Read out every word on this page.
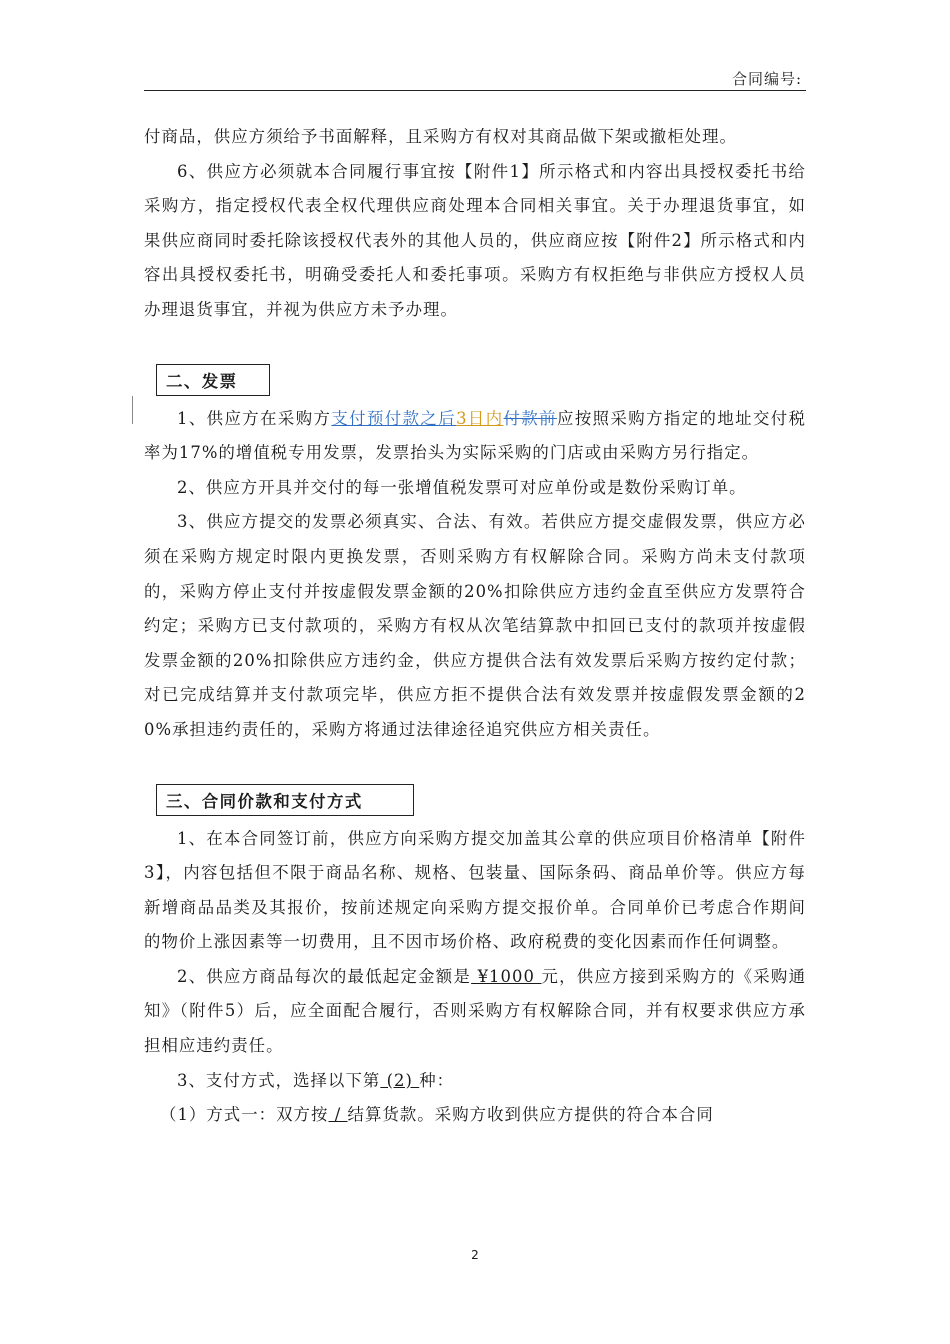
合同编号:

付商品，供应方须给予书面解释，且采购方有权对其商品做下架或撤柜处理。

6、供应方必须就本合同履行事宜按【附件1】所示格式和内容出具授权委托书给采购方，指定授权代表全权代理供应商处理本合同相关事宜。关于办理退货事宜，如果供应商同时委托除该授权代表外的其他人员的，供应商应按【附件2】所示格式和内容出具授权委托书，明确受委托人和委托事项。采购方有权拒绝与非供应方授权人员办理退货事宜，并视为供应方未予办理。

二、发票

1、供应方在采购方支付预付款之后3日内付款前应按照采购方指定的地址交付税率为17%的增值税专用发票，发票抬头为实际采购的门店或由采购方另行指定。

2、供应方开具并交付的每一张增值税发票可对应单份或是数份采购订单。

3、供应方提交的发票必须真实、合法、有效。若供应方提交虚假发票，供应方必须在采购方规定时限内更换发票，否则采购方有权解除合同。采购方尚未支付款项的，采购方停止支付并按虚假发票金额的20%扣除供应方违约金直至供应方发票符合约定；采购方已支付款项的，采购方有权从次笔结算款中扣回已支付的款项并按虚假发票金额的20%扣除供应方违约金，供应方提供合法有效发票后采购方按约定付款；对已完成结算并支付款项完毕，供应方拒不提供合法有效发票并按虚假发票金额的20%承担违约责任的，采购方将通过法律途径追究供应方相关责任。

三、合同价款和支付方式

1、在本合同签订前，供应方向采购方提交加盖其公章的供应项目价格清单【附件3】，内容包括但不限于商品名称、规格、包装量、国际条码、商品单价等。供应方每新增商品品类及其报价，按前述规定向采购方提交报价单。合同单价已考虑合作期间的物价上涨因素等一切费用，且不因市场价格、政府税费的变化因素而作任何调整。

2、供应方商品每次的最低起定金额是 ¥1000 元，供应方接到采购方的《采购通知》（附件5）后，应全面配合履行，否则采购方有权解除合同，并有权要求供应方承担相应违约责任。

3、支付方式，选择以下第 (2) 种：

（1）方式一：双方按 / 结算货款。采购方收到供应方提供的符合本合同

2
